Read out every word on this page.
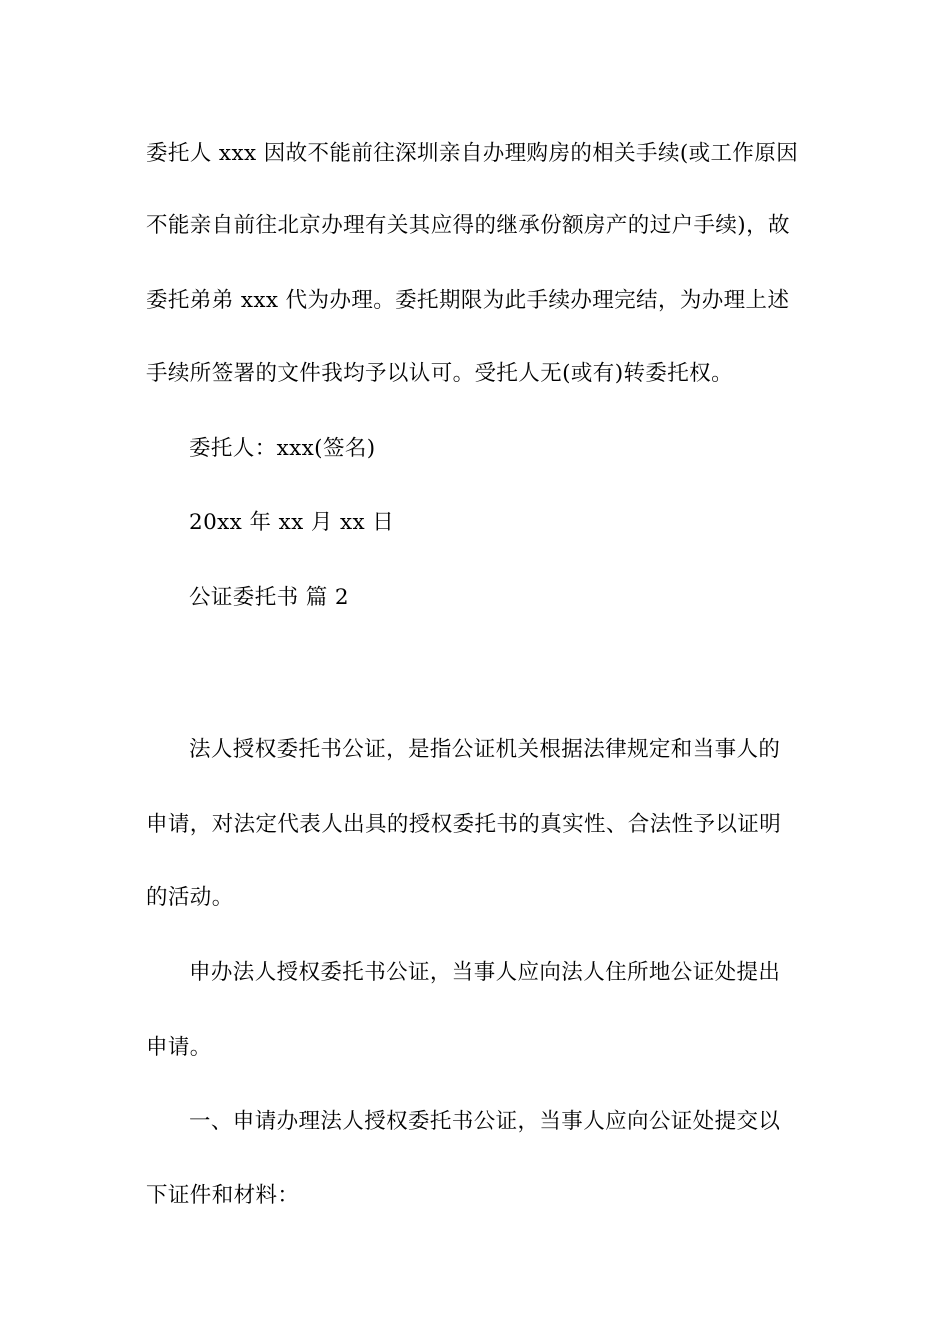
委托人 xxx 因故不能前往深圳亲自办理购房的相关手续(或工作原因
不能亲自前往北京办理有关其应得的继承份额房产的过户手续)，故
委托弟弟 xxx 代为办理。委托期限为此手续办理完结，为办理上述
手续所签署的文件我均予以认可。受托人无(或有)转委托权。
委托人：xxx(签名)
20xx 年 xx 月 xx 日
公证委托书 篇 2
法人授权委托书公证，是指公证机关根据法律规定和当事人的
申请，对法定代表人出具的授权委托书的真实性、合法性予以证明
的活动。
申办法人授权委托书公证，当事人应向法人住所地公证处提出
申请。
一、申请办理法人授权委托书公证，当事人应向公证处提交以
下证件和材料：
